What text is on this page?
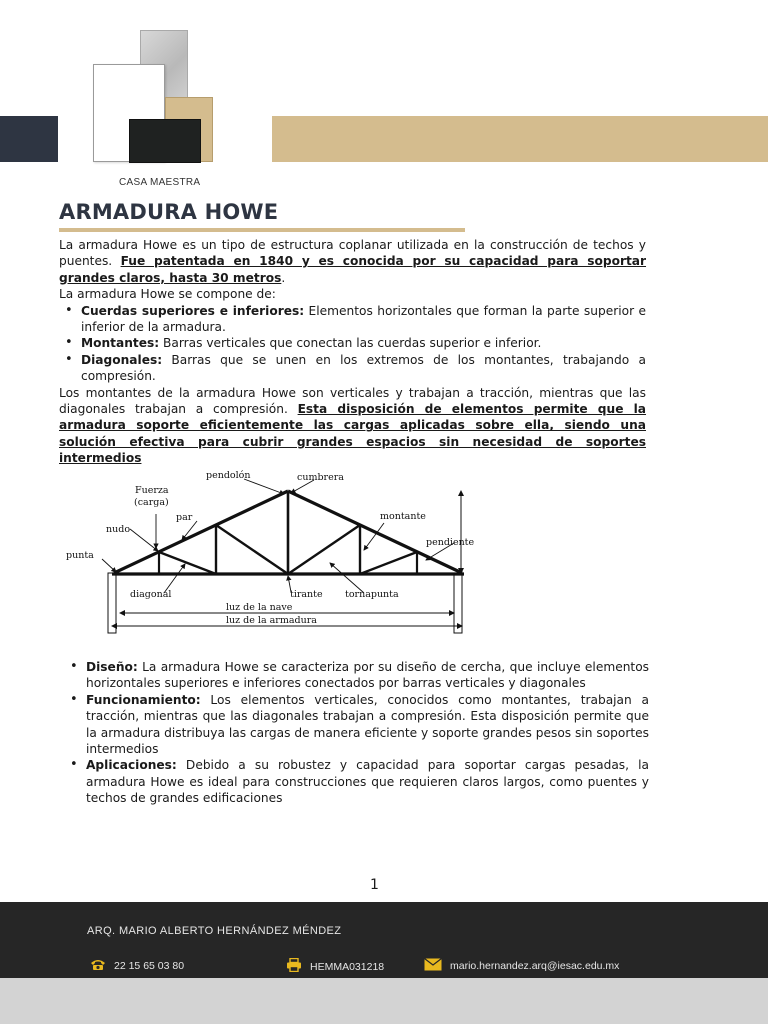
CASA MAESTRA
ARMADURA HOWE

La armadura Howe es un tipo de estructura coplanar utilizada en la construcción de techos y puentes. Fue patentada en 1840 y es conocida por su capacidad para soportar grandes claros, hasta 30 metros.

La armadura Howe se compone de:

• Cuerdas superiores e inferiores: Elementos horizontales que forman la parte superior e inferior de la armadura.
• Montantes: Barras verticales que conectan las cuerdas superior e inferior.
• Diagonales: Barras que se unen en los extremos de los montantes, trabajando a compresión.

Los montantes de la armadura Howe son verticales y trabajan a tracción, mientras que las diagonales trabajan a compresión. Esta disposición de elementos permite que la armadura soporte eficientemente las cargas aplicadas sobre ella, siendo una solución efectiva para cubrir grandes espacios sin necesidad de soportes intermedios

pendolón	cumbrera
Fuerza
(carga)
par
nudo
montante
pendiente
punta
diagonal	tirante tornapunta
luz de la nave
luz de la armadura
• Diseño: La armadura Howe se caracteriza por su diseño de cercha, que incluye elementos horizontales superiores e inferiores conectados por barras verticales y diagonales
• Funcionamiento: Los elementos verticales, conocidos como montantes, trabajan a tracción, mientras que las diagonales trabajan a compresión. Esta disposición permite que la armadura distribuya las cargas de manera eficiente y soporte grandes pesos sin soportes intermedios
• Aplicaciones: Debido a su robustez y capacidad para soportar cargas pesadas, la armadura Howe es ideal para construcciones que requieren claros largos, como puentes y techos de grandes edificaciones
1
ARQ. MARIO ALBERTO HERNÁNDEZ MÉNDEZ
22 15 65 03 80	HEMMA031218	mario.hernandez.arq@iesac.edu.mx
